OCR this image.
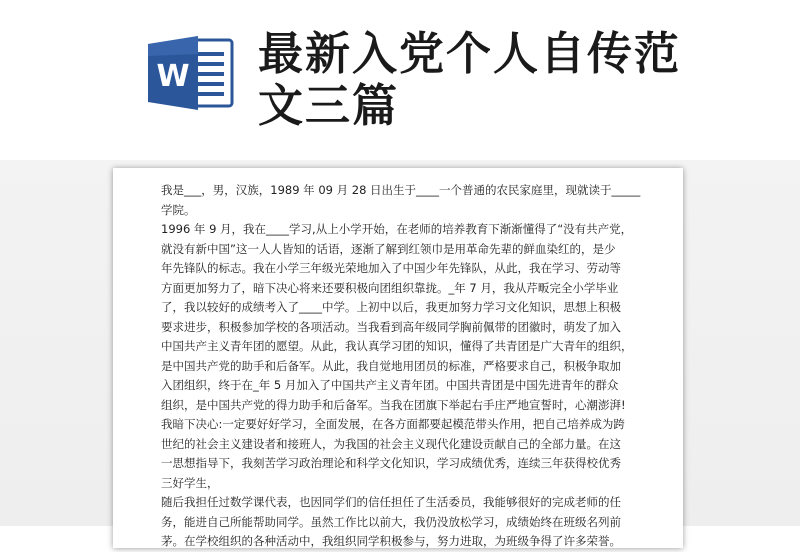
W 最新入党个人自传范
文三篇
我是___，男，汉族，1989 年 09 月 28 日出生于____一个普通的农民家庭里，现就读于_____
学院。
1996 年 9 月，我在____学习,从上小学开始，在老师的培养教育下渐渐懂得了“没有共产党，
就没有新中国”这一人人皆知的话语，逐渐了解到红领巾是用革命先辈的鲜血染红的，是少
年先锋队的标志。我在小学三年级光荣地加入了中国少年先锋队，从此，我在学习、劳动等
方面更加努力了，暗下决心将来还要积极向团组织靠拢。_年 7 月，我从芹畈完全小学毕业
了，我以较好的成绩考入了____中学。上初中以后，我更加努力学习文化知识，思想上积极
要求进步，积极参加学校的各项活动。当我看到高年级同学胸前佩带的团徽时，萌发了加入
中国共产主义青年团的愿望。从此，我认真学习团的知识，懂得了共青团是广大青年的组织，
是中国共产党的助手和后备军。从此，我自觉地用团员的标准，严格要求自己，积极争取加
入团组织，终于在_年 5 月加入了中国共产主义青年团。中国共青团是中国先进青年的群众
组织，是中国共产党的得力助手和后备军。当我在团旗下举起右手庄严地宣誓时，心潮澎湃!
我暗下决心:一定要好好学习，全面发展，在各方面都要起模范带头作用，把自己培养成为跨
世纪的社会主义建设者和接班人，为我国的社会主义现代化建设贡献自己的全部力量。在这
一思想指导下，我刻苦学习政治理论和科学文化知识，学习成绩优秀，连续三年获得校优秀
三好学生，
随后我担任过数学课代表，也因同学们的信任担任了生活委员，我能够很好的完成老师的任
务，能进自己所能帮助同学。虽然工作比以前大，我仍没放松学习，成绩始终在班级名列前
茅。在学校组织的各种活动中，我组织同学积极参与，努力进取，为班级争得了许多荣誉。
